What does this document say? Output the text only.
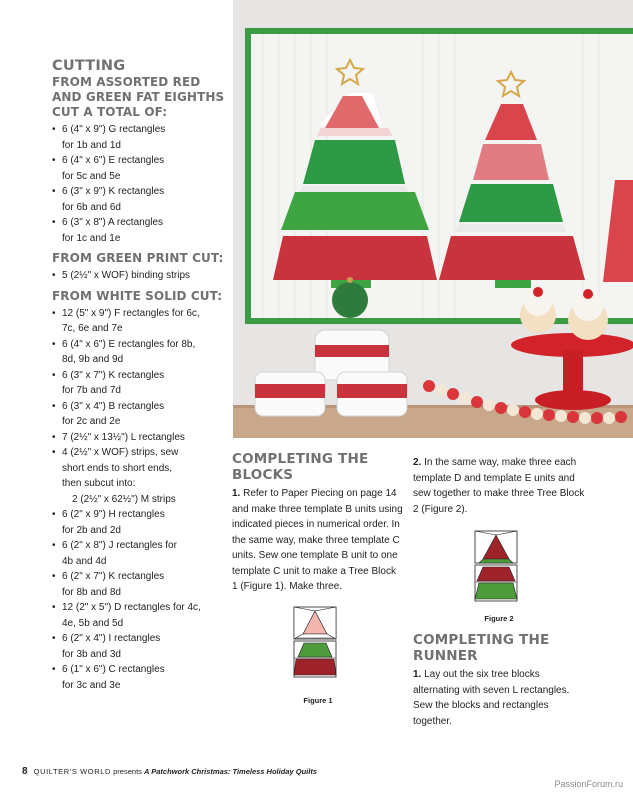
CUTTING
FROM ASSORTED RED AND GREEN FAT EIGHTHS CUT A TOTAL OF:
• 6 (4" x 9") G rectangles
for 1b and 1d
• 6 (4" x 6") E rectangles
for 5c and 5e
• 6 (3" x 9") K rectangles
for 6b and 6d
• 6 (3" x 8") A rectangles
for 1c and 1e
FROM GREEN PRINT CUT:
• 5 (2½" x WOF) binding strips
FROM WHITE SOLID CUT:
• 12 (5" x 9") F rectangles for 6c,
7c, 6e and 7e
• 6 (4" x 6") E rectangles for 8b,
8d, 9b and 9d
• 6 (3" x 7") K rectangles
for 7b and 7d
• 6 (3" x 4") B rectangles
for 2c and 2e
• 7 (2½" x 13½") L rectangles
• 4 (2½" x WOF) strips, sew
short ends to short ends,
then subcut into:
2 (2½" x 62½") M strips
• 6 (2" x 9") H rectangles
for 2b and 2d
• 6 (2" x 8") J rectangles for
4b and 4d
• 6 (2" x 7") K rectangles
for 8b and 8d
• 12 (2" x 5") D rectangles for 4c,
4e, 5b and 5d
• 6 (2" x 4") I rectangles
for 3b and 3d
• 6 (1" x 6") C rectangles
for 3c and 3e
COMPLETING THE BLOCKS
1. Refer to Paper Piecing on page 14 and make three template B units using indicated pieces in numerical order. In the same way, make three template C units. Sew one template B unit to one template C unit to make a Tree Block 1 (Figure 1). Make three.
Figure 1
2. In the same way, make three each template D and template E units and sew together to make three Tree Block 2 (Figure 2).
Figure 2
COMPLETING THE RUNNER
1. Lay out the six tree blocks alternating with seven L rectangles. Sew the blocks and rectangles together.
8 QUILTER'S WORLD presents A Patchwork Christmas: Timeless Holiday Quilts
PassionForum.ru
